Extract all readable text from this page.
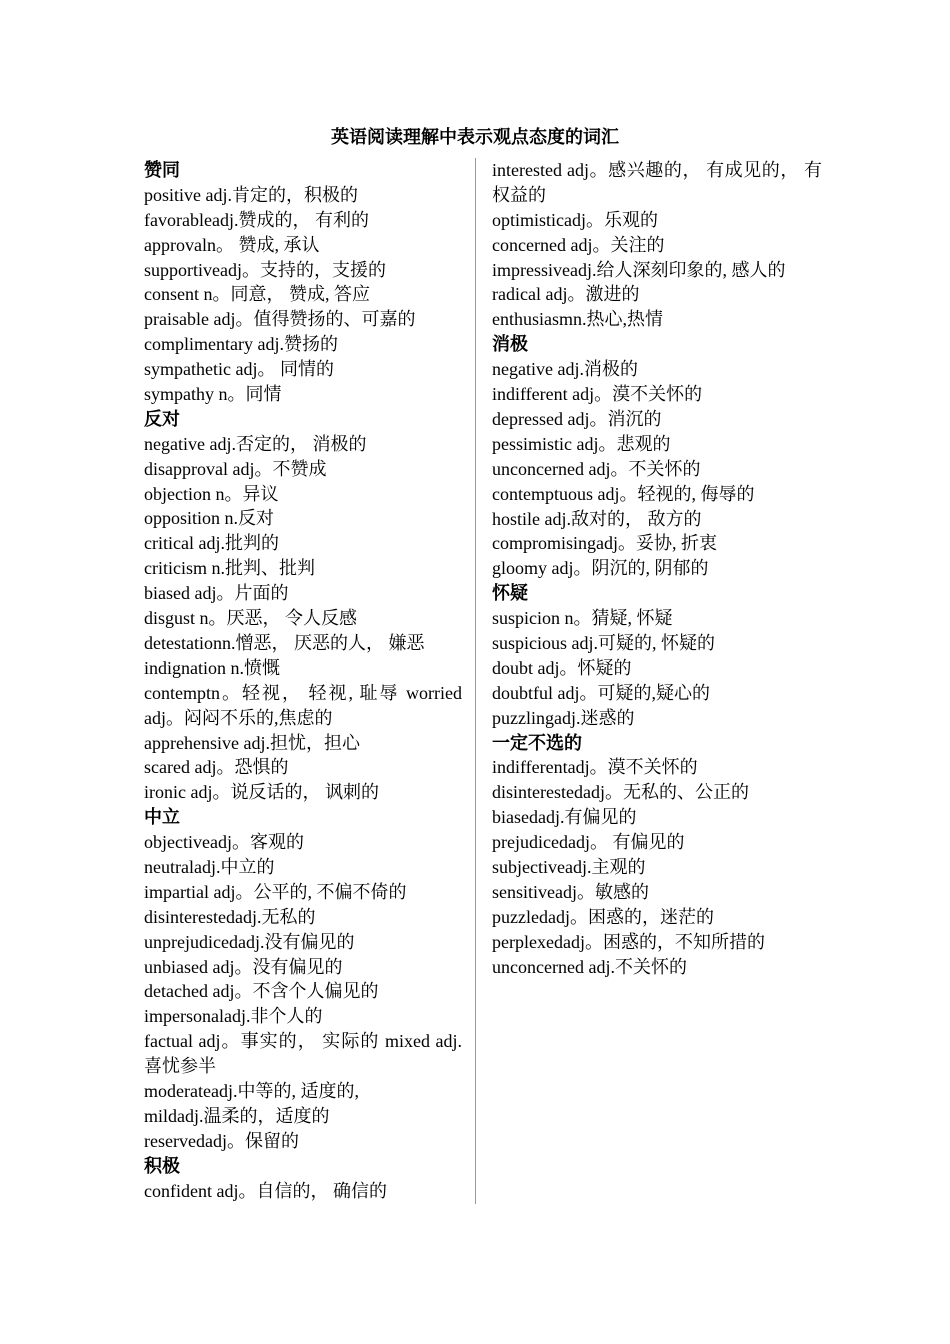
英语阅读理解中表示观点态度的词汇
赞同
positive adj.肯定的，积极的
favorableadj.赞成的， 有利的
approvaln。 赞成, 承认
supportiveadj。支持的，支援的
consent n。同意， 赞成, 答应
praisable adj。值得赞扬的、可嘉的
complimentary adj.赞扬的
sympathetic adj。 同情的
sympathy n。同情
反对
negative adj.否定的， 消极的
disapproval adj。不赞成
objection n。异议
opposition n.反对
critical adj.批判的
criticism n.批判、批判
biased adj。片面的
disgust n。厌恶， 令人反感
detestationn.憎恶， 厌恶的人， 嫌恶
indignation n.愤慨
contemptn。轻视， 轻视, 耻辱 worried adj。闷闷不乐的,焦虑的
apprehensive adj.担忧，担心
scared adj。恐惧的
ironic adj。说反话的， 讽刺的
中立
objectiveadj。客观的
neutraladj.中立的
impartial adj。公平的, 不偏不倚的
disinterestedadj.无私的
unprejudicedadj.没有偏见的
unbiased adj。没有偏见的
detached adj。不含个人偏见的
impersonaladj.非个人的
factual adj。事实的， 实际的 mixed adj.喜忧参半
moderateadj.中等的, 适度的,
mildadj.温柔的，适度的
reservedadj。保留的
积极
confident adj。自信的， 确信的
interested adj。感兴趣的， 有成见的， 有权益的
optimisticadj。乐观的
concerned adj。关注的
impressiveadj.给人深刻印象的, 感人的
radical adj。激进的
enthusiasmn.热心,热情
消极
negative adj.消极的
indifferent adj。漠不关怀的
depressed adj。消沉的
pessimistic adj。悲观的
unconcerned adj。不关怀的
contemptuous adj。轻视的, 侮辱的
hostile adj.敌对的， 敌方的
compromisingadj。妥协, 折衷
gloomy adj。阴沉的, 阴郁的
怀疑
suspicion n。猜疑, 怀疑
suspicious adj.可疑的, 怀疑的
doubt adj。怀疑的
doubtful adj。可疑的,疑心的
puzzlingadj.迷惑的
一定不选的
indifferentadj。漠不关怀的
disinterestedadj。无私的、公正的
biasedadj.有偏见的
prejudicedadj。 有偏见的
subjectiveadj.主观的
sensitiveadj。敏感的
puzzledadj。困惑的，迷茫的
perplexedadj。困惑的，不知所措的
unconcerned adj.不关怀的
